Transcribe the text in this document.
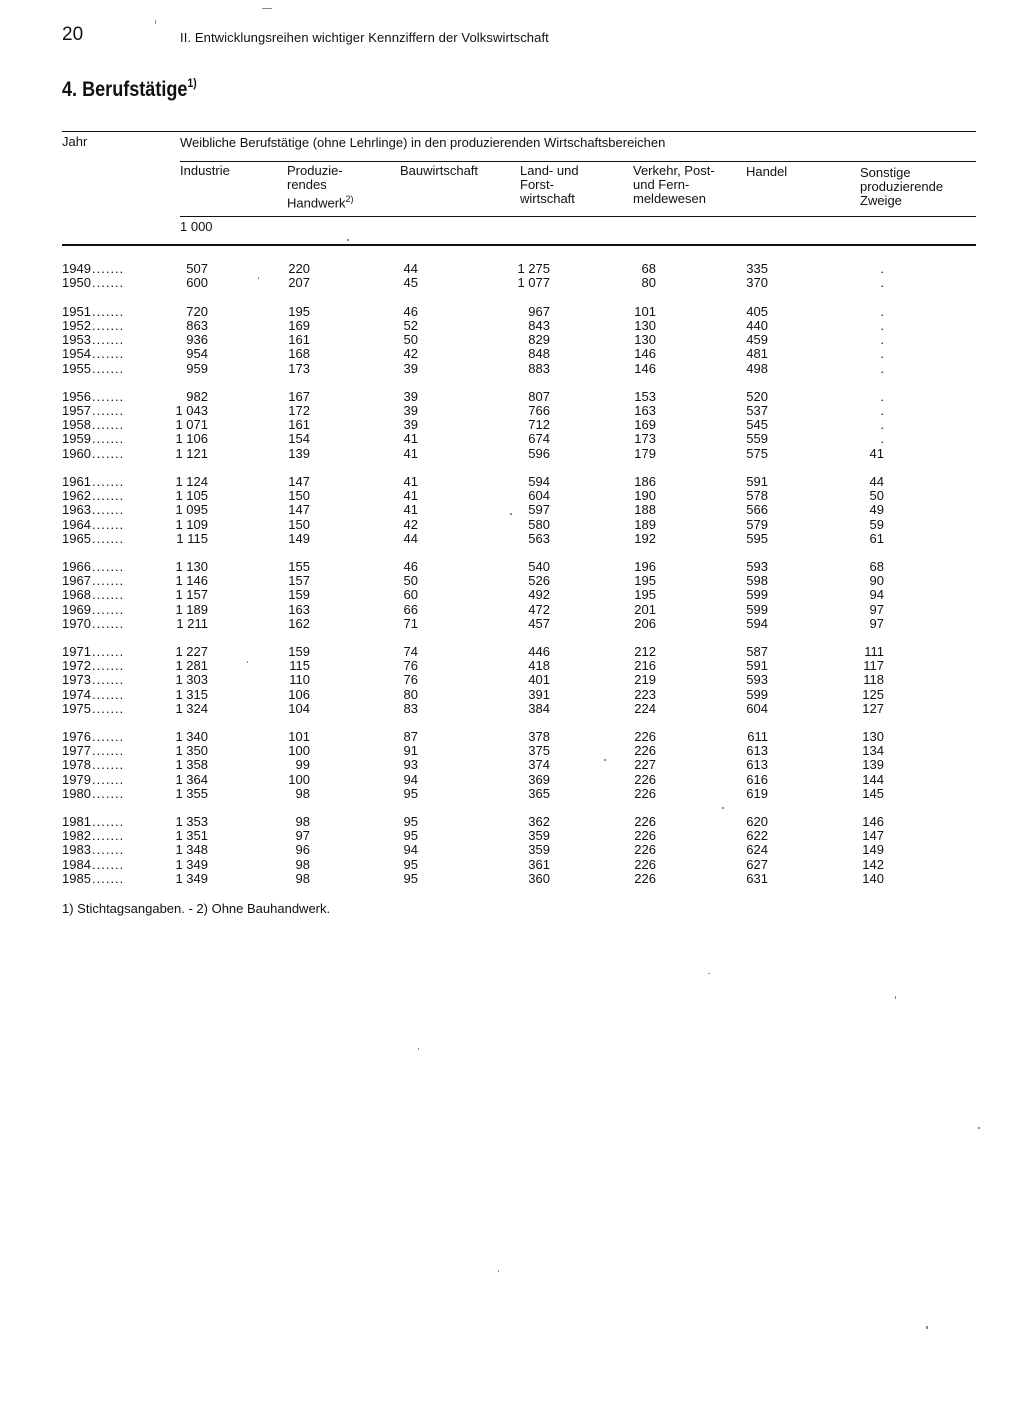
20	II. Entwicklungsreihen wichtiger Kennziffern der Volkswirtschaft
4. Berufstätige$^{1)}$
Jahr	Weibliche Berufstätige (ohne Lehrlinge) in den produzierenden Wirtschaftsbereichen
Industrie	Produzie-
rendes
Handwerk$^{2)}$
Bauwirtschaft	Land- und
Forst-
wirtschaft
Verkehr, Post-
und Fern-
meldewesen
Handel	Sonstige
produzierende
Zweige
1 000
1949 .......	507	220	44	1 275	68	335	.
1950 .......	600	207	45	1 077	80	370	.
1951 .......	720	195	46	967	101	405	.
1952 .......	863	169	52	843	130	440	.
1953 .......	936	161	50	829	130	459	.
1954 .......	954	168	42	848	146	481	.
1955 .......	959	173	39	883	146	498	.
1956 .......	982	167	39	807	153	520	.
1957 .......	1 043	172	39	766	163	537	.
1958 .......	1 071	161	39	712	169	545	.
1959 .......	1 106	154	41	674	173	559	.
1960 .......	1 121	139	41	596	179	575	41
1961 .......	1 124	147	41	594	186	591	44
1962 .......	1 105	150	41	604	190	578	50
1963 .......	1 095	147	41	597	188	566	49
1964 .......	1 109	150	42	580	189	579	59
1965 .......	1 115	149	44	563	192	595	61
1966 .......	1 130	155	46	540	196	593	68
1967 .......	1 146	157	50	526	195	598	90
1968 .......	1 157	159	60	492	195	599	94
1969 .......	1 189	163	66	472	201	599	97
1970 .......	1 211	162	71	457	206	594	97
1971 .......	1 227	159	74	446	212	587	111
1972 .......	1 281	115	76	418	216	591	117
1973 .......	1 303	110	76	401	219	593	118
1974 .......	1 315	106	80	391	223	599	125
1975 .......	1 324	104	83	384	224	604	127
1976 .......	1 340	101	87	378	226	611	130
1977 .......	1 350	100	91	375	226	613	134
1978 .......	1 358	99	93	374	227	613	139
1979 .......	1 364	100	94	369	226	616	144
1980 .......	1 355	98	95	365	226	619	145
1981 .......	1 353	98	95	362	226	620	146
1982 .......	1 351	97	95	359	226	622	147
1983 .......	1 348	96	94	359	226	624	149
1984 .......	1 349	98	95	361	226	627	142
1985 .......	1 349	98	95	360	226	631	140
1) Stichtagsangaben. - 2) Ohne Bauhandwerk.
